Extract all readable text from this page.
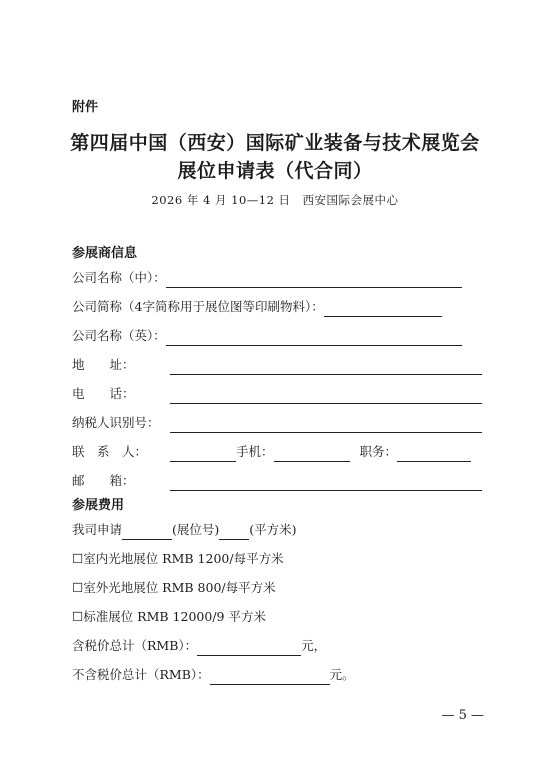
附件
第四届中国（西安）国际矿业装备与技术展览会
展位申请表（代合同）
2026 年 4 月 10—12 日　西安国际会展中心
参展商信息
公司名称（中）：
公司简称（4字简称用于展位图等印刷物料）：
公司名称（英）：
地　　址：
电　　话：
纳税人识别号：
联　系　人：	手机：	职务：
邮　　箱：
参展费用
我司申请	(展位号) (平方米)
☐室内光地展位 RMB 1200/每平方米
☐室外光地展位 RMB 800/每平方米
☐标准展位 RMB 12000/9 平方米
含税价总计（RMB）：	元，
不含税价总计（RMB）：	元。
— 5 —
